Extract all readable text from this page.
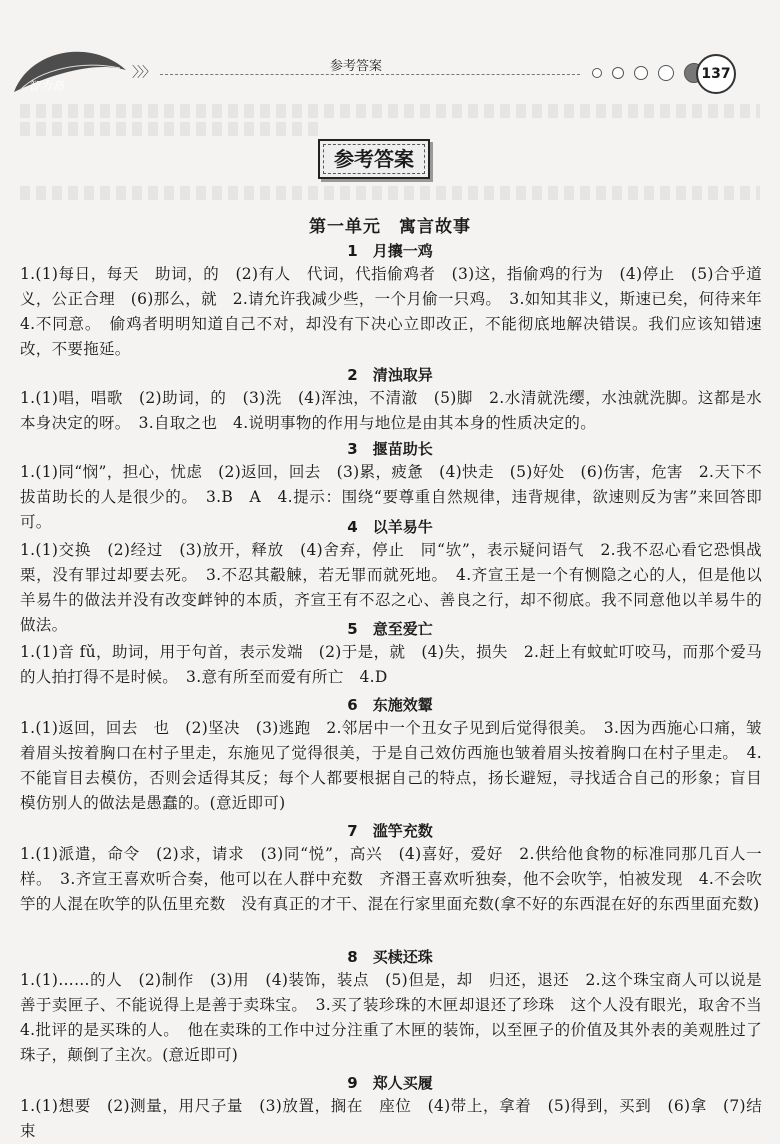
智力岛
〉〉〉	参考答案
	137
参考答案
第一单元　寓言故事
1　月攘一鸡
1.(1)每日，每天　助词，的　(2)有人　代词，代指偷鸡者　(3)这，指偷鸡的行为　(4)停止　(5)合乎道义，公正合理　(6)那么，就　2.请允许我减少些，一个月偷一只鸡。　3.如知其非义，斯速已矣，何待来年　4.不同意。　偷鸡者明明知道自己不对，却没有下决心立即改正，不能彻底地解决错误。我们应该知错速改，不要拖延。
2　清浊取异
1.(1)唱，唱歌　(2)助词，的　(3)洗　(4)浑浊，不清澈　(5)脚　2.水清就洗缨，水浊就洗脚。这都是水本身决定的呀。　3.自取之也　4.说明事物的作用与地位是由其本身的性质决定的。
3　揠苗助长
1.(1)同“悯”，担心，忧虑　(2)返回，回去　(3)累，疲惫　(4)快走　(5)好处　(6)伤害，危害　2.天下不拔苗助长的人是很少的。　3.B　A　4.提示：围绕“要尊重自然规律，违背规律，欲速则反为害”来回答即可。	4　以羊易牛
1.(1)交换　(2)经过　(3)放开，释放　(4)舍弃，停止　同“欤”，表示疑问语气　2.我不忍心看它恐惧战栗，没有罪过却要去死。　3.不忍其觳觫，若无罪而就死地。　4.齐宣王是一个有恻隐之心的人，但是他以羊易牛的做法并没有改变衅钟的本质，齐宣王有不忍之心、善良之行，却不彻底。我不同意他以羊易牛的做法。	5　意至爱亡
1.(1)音 fǔ，助词，用于句首，表示发端　(2)于是，就　(4)失，损失　2.赶上有蚊虻叮咬马，而那个爱马的人拍打得不是时候。　3.意有所至而爱有所亡　4.D
6　东施效颦
1.(1)返回，回去　也　(2)坚决　(3)逃跑　2.邻居中一个丑女子见到后觉得很美。　3.因为西施心口痛，皱着眉头按着胸口在村子里走，东施见了觉得很美，于是自己效仿西施也皱着眉头按着胸口在村子里走。　4.不能盲目去模仿，否则会适得其反；每个人都要根据自己的特点，扬长避短，寻找适合自己的形象；盲目模仿别人的做法是愚蠢的。(意近即可)
7　滥竽充数
1.(1)派遣，命令　(2)求，请求　(3)同“悦”，高兴　(4)喜好，爱好　2.供给他食物的标准同那几百人一样。　3.齐宣王喜欢听合奏，他可以在人群中充数　齐湣王喜欢听独奏，他不会吹竽，怕被发现　4.不会吹竽的人混在吹竽的队伍里充数　没有真正的才干、混在行家里面充数(拿不好的东西混在好的东西里面充数)
8　买椟还珠
1.(1)……的人　(2)制作　(3)用　(4)装饰，装点　(5)但是，却　归还，退还　2.这个珠宝商人可以说是善于卖匣子、不能说得上是善于卖珠宝。　3.买了装珍珠的木匣却退还了珍珠　这个人没有眼光，取舍不当　4.批评的是买珠的人。　他在卖珠的工作中过分注重了木匣的装饰，以至匣子的价值及其外表的美观胜过了珠子，颠倒了主次。(意近即可)
9　郑人买履
1.(1)想要　(2)测量，用尺子量　(3)放置，搁在　座位　(4)带上，拿着　(5)得到，买到　(6)拿　(7)结束
